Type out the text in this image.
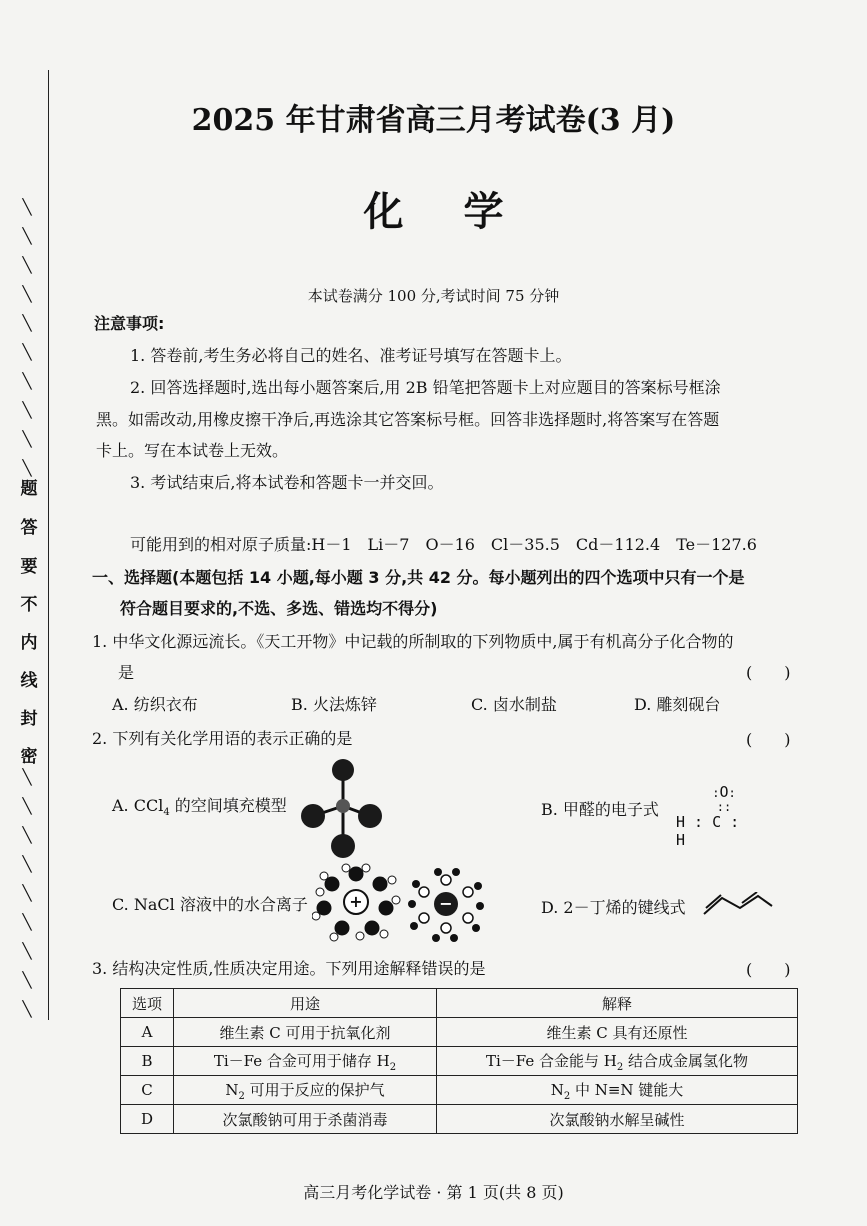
╲
╲
╲
╲
╲
╲
╲
╲
╲
╲
╲
╲
╲
╲
╲
╲
╲
╲
╲
题
答
要
不
内
线
封
密
2025 年甘肃省高三月考试卷(3 月)
化学
本试卷满分 100 分,考试时间 75 分钟
注意事项:
1. 答卷前,考生务必将自己的姓名、准考证号填写在答题卡上。
2. 回答选择题时,选出每小题答案后,用 2B 铅笔把答题卡上对应题目的答案标号框涂
黑。如需改动,用橡皮擦干净后,再选涂其它答案标号框。回答非选择题时,将答案写在答题
卡上。写在本试卷上无效。
3. 考试结束后,将本试卷和答题卡一并交回。
可能用到的相对原子质量:H－1　Li－7　O－16　Cl－35.5　Cd－112.4　Te－127.6
一、选择题(本题包括 14 小题,每小题 3 分,共 42 分。每小题列出的四个选项中只有一个是
符合题目要求的,不选、多选、错选均不得分)
1. 中华文化源远流长。《天工开物》中记载的所制取的下列物质中,属于有机高分子化合物的
是	(　　)
A. 纺织衣布	B. 火法炼锌	C. 卤水制盐	D. 雕刻砚台
2. 下列有关化学用语的表示正确的是	(　　)
A. CCl$_4$ 的空间填充模型	B. 甲醛的电子式
:O:
::
H : C : H
C. NaCl 溶液中的水合离子	+	−	D. 2－丁烯的键线式
3. 结构决定性质,性质决定用途。下列用途解释错误的是	(　　)
选项	用途	解释
A	维生素 C 可用于抗氧化剂	维生素 C 具有还原性
B	Ti－Fe 合金可用于储存 $H_2$	Ti－Fe 合金能与 $H_2$ 结合成金属氢化物
C	$N_2$ 可用于反应的保护气	$N_2$ 中 N≡N 键能大
D	次氯酸钠可用于杀菌消毒	次氯酸钠水解呈碱性
高三月考化学试卷 · 第 1 页(共 8 页)
